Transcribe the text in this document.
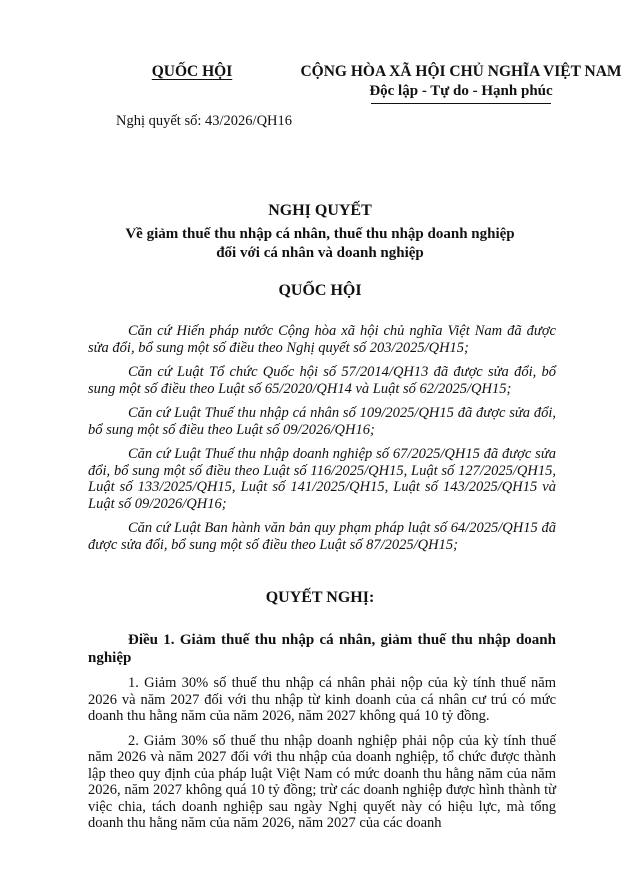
QUỐC HỘI	CỘNG HÒA XÃ HỘI CHỦ NGHĨA VIỆT NAM
Độc lập - Tự do - Hạnh phúc
Nghị quyết số: 43/2026/QH16
NGHỊ QUYẾT
Về giảm thuế thu nhập cá nhân, thuế thu nhập doanh nghiệp
đối với cá nhân và doanh nghiệp
QUỐC HỘI

Căn cứ Hiến pháp nước Cộng hòa xã hội chủ nghĩa Việt Nam đã được sửa đổi, bổ sung một số điều theo Nghị quyết số 203/2025/QH15;

Căn cứ Luật Tổ chức Quốc hội số 57/2014/QH13 đã được sửa đổi, bổ sung một số điều theo Luật số 65/2020/QH14 và Luật số 62/2025/QH15;

Căn cứ Luật Thuế thu nhập cá nhân số 109/2025/QH15 đã được sửa đổi, bổ sung một số điều theo Luật số 09/2026/QH16;

Căn cứ Luật Thuế thu nhập doanh nghiệp số 67/2025/QH15 đã được sửa đổi, bổ sung một số điều theo Luật số 116/2025/QH15, Luật số 127/2025/QH15, Luật số 133/2025/QH15, Luật số 141/2025/QH15, Luật số 143/2025/QH15 và Luật số 09/2026/QH16;

Căn cứ Luật Ban hành văn bản quy phạm pháp luật số 64/2025/QH15 đã được sửa đổi, bổ sung một số điều theo Luật số 87/2025/QH15;

QUYẾT NGHỊ:

Điều 1. Giảm thuế thu nhập cá nhân, giảm thuế thu nhập doanh nghiệp

1. Giảm 30% số thuế thu nhập cá nhân phải nộp của kỳ tính thuế năm 2026 và năm 2027 đối với thu nhập từ kinh doanh của cá nhân cư trú có mức doanh thu hằng năm của năm 2026, năm 2027 không quá 10 tỷ đồng.

2. Giảm 30% số thuế thu nhập doanh nghiệp phải nộp của kỳ tính thuế năm 2026 và năm 2027 đối với thu nhập của doanh nghiệp, tổ chức được thành lập theo quy định của pháp luật Việt Nam có mức doanh thu hằng năm của năm 2026, năm 2027 không quá 10 tỷ đồng; trừ các doanh nghiệp được hình thành từ việc chia, tách doanh nghiệp sau ngày Nghị quyết này có hiệu lực, mà tổng doanh thu hằng năm của năm 2026, năm 2027 của các doanh
